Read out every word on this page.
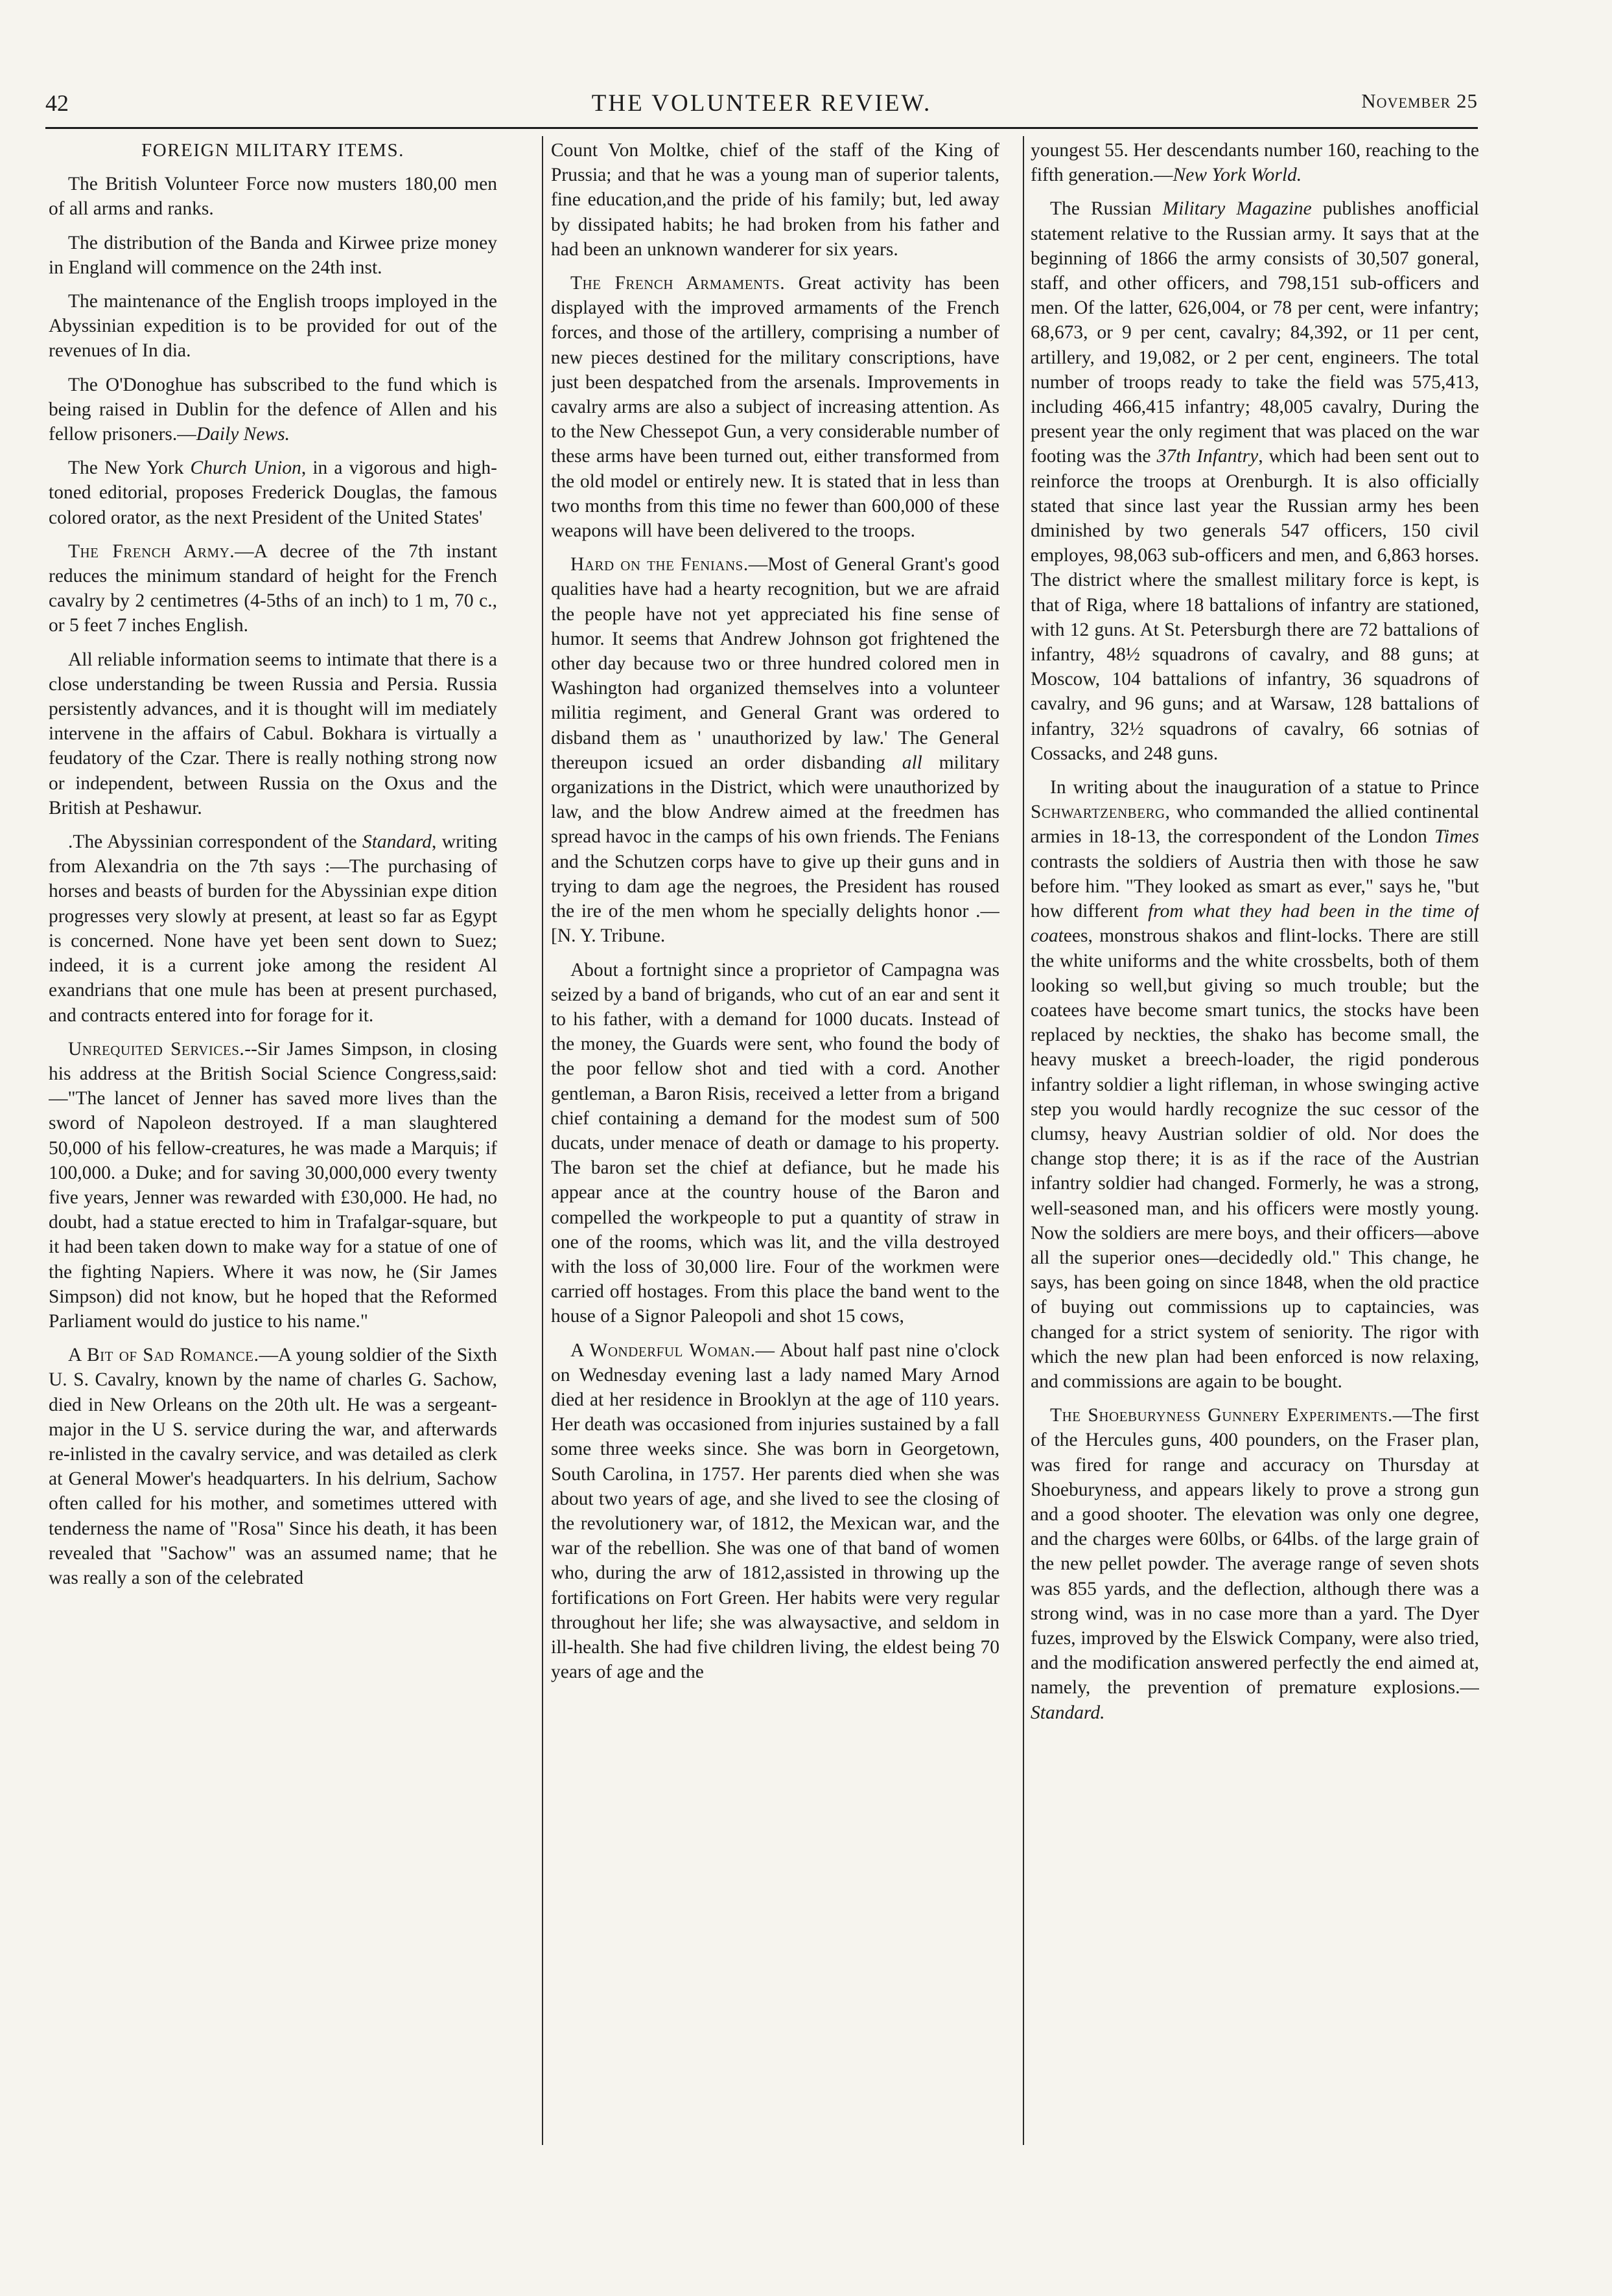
42	THE VOLUNTEER REVIEW.	November 25
FOREIGN MILITARY ITEMS.

The British Volunteer Force now musters 180,00 men of all arms and ranks.

The distribution of the Banda and Kirwee prize money in England will commence on the 24th inst.

The maintenance of the English troops imployed in the Abyssinian expedition is to be provided for out of the revenues of In dia.

The O'Donoghue has subscribed to the fund which is being raised in Dublin for the defence of Allen and his fellow prisoners.—Daily News.

The New York Church Union, in a vigorous and high-toned editorial, proposes Frederick Douglas, the famous colored orator, as the next President of the United States'

The French Army.—A decree of the 7th instant reduces the minimum standard of height for the French cavalry by 2 centimetres (4-5ths of an inch) to 1 m, 70 c., or 5 feet 7 inches English.

All reliable information seems to intimate that there is a close understanding be tween Russia and Persia. Russia persistently advances, and it is thought will im mediately intervene in the affairs of Cabul. Bokhara is virtually a feudatory of the Czar. There is really nothing strong now or independent, between Russia on the Oxus and the British at Peshawur.

.The Abyssinian correspondent of the Standard, writing from Alexandria on the 7th says :—The purchasing of horses and beasts of burden for the Abyssinian expe dition progresses very slowly at present, at least so far as Egypt is concerned. None have yet been sent down to Suez; indeed, it is a current joke among the resident Al exandrians that one mule has been at present purchased, and contracts entered into for forage for it.

Unrequited Services.--Sir James Simpson, in closing his address at the British Social Science Congress,said:—"The lancet of Jenner has saved more lives than the sword of Napoleon destroyed. If a man slaughtered 50,000 of his fellow-creatures, he was made a Marquis; if 100,000. a Duke; and for saving 30,000,000 every twenty five years, Jenner was rewarded with £30,000. He had, no doubt, had a statue erected to him in Trafalgar-square, but it had been taken down to make way for a statue of one of the fighting Napiers. Where it was now, he (Sir James Simpson) did not know, but he hoped that the Reformed Parliament would do justice to his name."

A Bit of Sad Romance.—A young soldier of the Sixth U. S. Cavalry, known by the name of charles G. Sachow, died in New Orleans on the 20th ult. He was a sergeant-major in the U S. service during the war, and afterwards re-inlisted in the cavalry service, and was detailed as clerk at General Mower's headquarters. In his delrium, Sachow often called for his mother, and sometimes uttered with tenderness the name of "Rosa" Since his death, it has been revealed that "Sachow" was an assumed name; that he was really a son of the celebrated

Count Von Moltke, chief of the staff of the King of Prussia; and that he was a young man of superior talents, fine education,and the pride of his family; but, led away by dissipated habits; he had broken from his father and had been an unknown wanderer for six years.

The French Armaments. Great activity has been displayed with the improved armaments of the French forces, and those of the artillery, comprising a number of new pieces destined for the military conscriptions, have just been despatched from the arsenals. Improvements in cavalry arms are also a subject of increasing attention. As to the New Chessepot Gun, a very considerable number of these arms have been turned out, either transformed from the old model or entirely new. It is stated that in less than two months from this time no fewer than 600,000 of these weapons will have been delivered to the troops.

Hard on the Fenians.—Most of General Grant's good qualities have had a hearty recognition, but we are afraid the people have not yet appreciated his fine sense of humor. It seems that Andrew Johnson got frightened the other day because two or three hundred colored men in Washington had organized themselves into a volunteer militia regiment, and General Grant was ordered to disband them as ' unauthorized by law.' The General thereupon icsued an order disbanding all military organizations in the District, which were unauthorized by law, and the blow Andrew aimed at the freedmen has spread havoc in the camps of his own friends. The Fenians and the Schutzen corps have to give up their guns and in trying to dam age the negroes, the President has roused the ire of the men whom he specially delights honor .—[N. Y. Tribune.

About a fortnight since a proprietor of Campagna was seized by a band of brigands, who cut of an ear and sent it to his father, with a demand for 1000 ducats. Instead of the money, the Guards were sent, who found the body of the poor fellow shot and tied with a cord. Another gentleman, a Baron Risis, received a letter from a brigand chief containing a demand for the modest sum of 500 ducats, under menace of death or damage to his property. The baron set the chief at defiance, but he made his appear ance at the country house of the Baron and compelled the workpeople to put a quantity of straw in one of the rooms, which was lit, and the villa destroyed with the loss of 30,000 lire. Four of the workmen were carried off hostages. From this place the band went to the house of a Signor Paleopoli and shot 15 cows,

A Wonderful Woman.— About half past nine o'clock on Wednesday evening last a lady named Mary Arnod died at her residence in Brooklyn at the age of 110 years. Her death was occasioned from injuries sustained by a fall some three weeks since. She was born in Georgetown, South Carolina, in 1757. Her parents died when she was about two years of age, and she lived to see the closing of the revolutionery war, of 1812, the Mexican war, and the war of the rebellion. She was one of that band of women who, during the arw of 1812,assisted in throwing up the fortifications on Fort Green. Her habits were very regular throughout her life; she was alwaysactive, and seldom in ill-health. She had five children living, the eldest being 70 years of age and the

youngest 55. Her descendants number 160, reaching to the fifth generation.—New York World.

The Russian Military Magazine publishes anofficial statement relative to the Russian army. It says that at the beginning of 1866 the army consists of 30,507 goneral, staff, and other officers, and 798,151 sub-officers and men. Of the latter, 626,004, or 78 per cent, were infantry; 68,673, or 9 per cent, cavalry; 84,392, or 11 per cent, artillery, and 19,082, or 2 per cent, engineers. The total number of troops ready to take the field was 575,413, including 466,415 infantry; 48,005 cavalry, During the present year the only regiment that was placed on the war footing was the 37th Infantry, which had been sent out to reinforce the troops at Orenburgh. It is also officially stated that since last year the Russian army hes been dminished by two generals 547 officers, 150 civil employes, 98,063 sub-officers and men, and 6,863 horses. The district where the smallest military force is kept, is that of Riga, where 18 battalions of infantry are stationed, with 12 guns. At St. Petersburgh there are 72 battalions of infantry, 48½ squadrons of cavalry, and 88 guns; at Moscow, 104 battalions of infantry, 36 squadrons of cavalry, and 96 guns; and at Warsaw, 128 battalions of infantry, 32½ squadrons of cavalry, 66 sotnias of Cossacks, and 248 guns.

In writing about the inauguration of a statue to Prince Schwartzenberg, who commanded the allied continental armies in 18-13, the correspondent of the London Times contrasts the soldiers of Austria then with those he saw before him. "They looked as smart as ever," says he, "but how different from what they had been in the time of coatees, monstrous shakos and flint-locks. There are still the white uniforms and the white crossbelts, both of them looking so well,but giving so much trouble; but the coatees have become smart tunics, the stocks have been replaced by neckties, the shako has become small, the heavy musket a breech-loader, the rigid ponderous infantry soldier a light rifleman, in whose swinging active step you would hardly recognize the suc cessor of the clumsy, heavy Austrian soldier of old. Nor does the change stop there; it is as if the race of the Austrian infantry soldier had changed. Formerly, he was a strong, well-seasoned man, and his officers were mostly young. Now the soldiers are mere boys, and their officers—above all the superior ones—decidedly old." This change, he says, has been going on since 1848, when the old practice of buying out commissions up to captaincies, was changed for a strict system of seniority. The rigor with which the new plan had been enforced is now relaxing, and commissions are again to be bought.

The Shoeburyness Gunnery Experiments.—The first of the Hercules guns, 400 pounders, on the Fraser plan, was fired for range and accuracy on Thursday at Shoeburyness, and appears likely to prove a strong gun and a good shooter. The elevation was only one degree, and the charges were 60lbs, or 64lbs. of the large grain of the new pellet powder. The average range of seven shots was 855 yards, and the deflection, although there was a strong wind, was in no case more than a yard. The Dyer fuzes, improved by the Elswick Company, were also tried, and the modification answered perfectly the end aimed at, namely, the prevention of premature explosions.—Standard.
